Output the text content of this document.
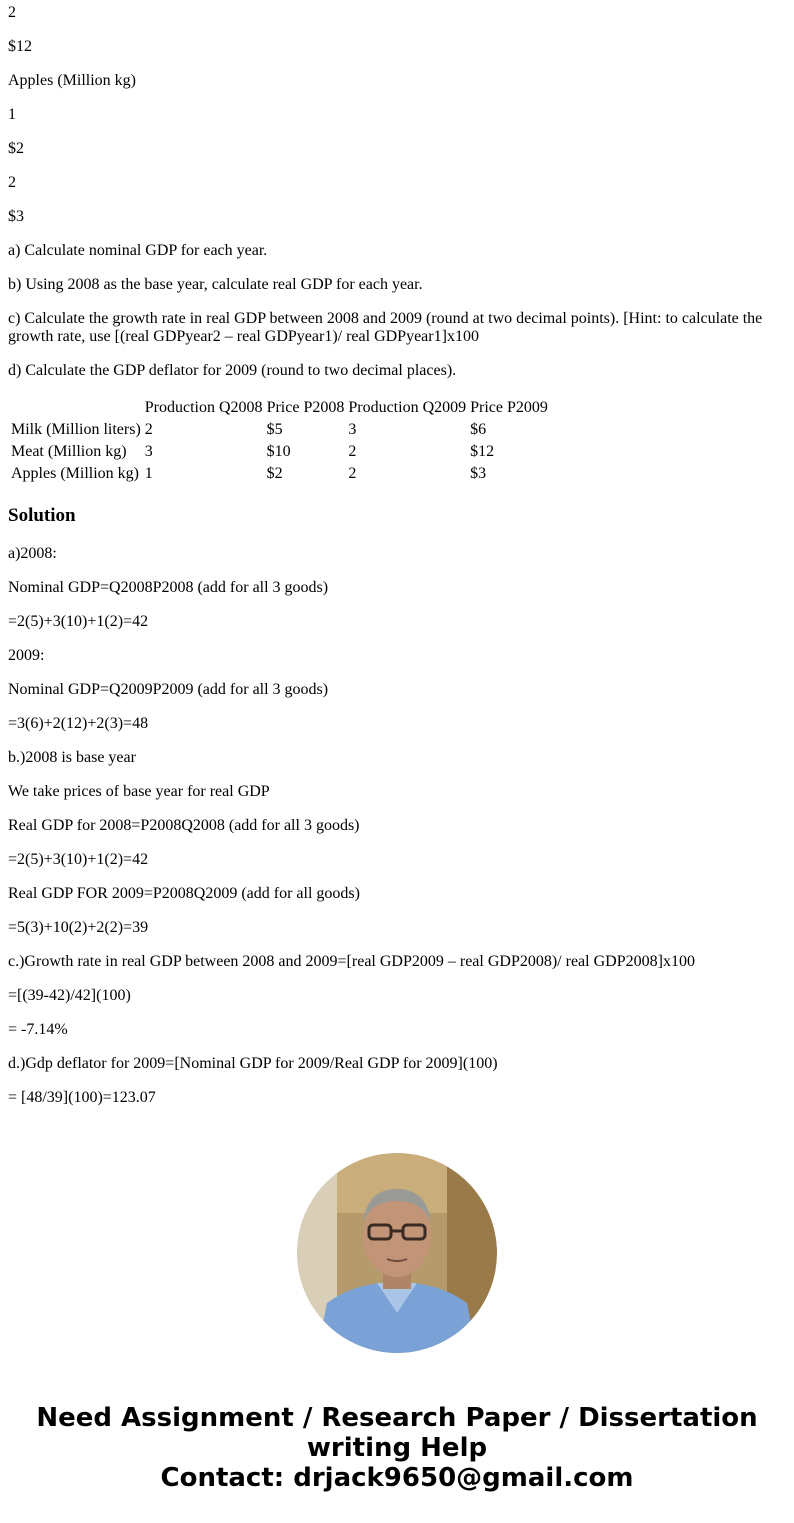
2
$12
Apples (Million kg)
1
$2
2
$3
a) Calculate nominal GDP for each year.
b) Using 2008 as the base year, calculate real GDP for each year.
c) Calculate the growth rate in real GDP between 2008 and 2009 (round at two decimal points). [Hint: to calculate the growth rate, use [(real GDPyear2 – real GDPyear1)/ real GDPyear1]x100
d) Calculate the GDP deflator for 2009 (round to two decimal places).
	Production Q2008	Price P2008	Production Q2009	Price P2009
Milk (Million liters)	2	$5	3	$6
Meat (Million kg)	3	$10	2	$12
Apples (Million kg)	1	$2	2	$3
Solution
a)2008:
Nominal GDP=Q2008P2008 (add for all 3 goods)
=2(5)+3(10)+1(2)=42
2009:
Nominal GDP=Q2009P2009 (add for all 3 goods)
=3(6)+2(12)+2(3)=48
b.)2008 is base year
We take prices of base year for real GDP
Real GDP for 2008=P2008Q2008 (add for all 3 goods)
=2(5)+3(10)+1(2)=42
Real GDP FOR 2009=P2008Q2009 (add for all goods)
=5(3)+10(2)+2(2)=39
c.)Growth rate in real GDP between 2008 and 2009=[real GDP2009 – real GDP2008)/ real GDP2008]x100
=[(39-42)/42](100)
= -7.14%
d.)Gdp deflator for 2009=[Nominal GDP for 2009/Real GDP for 2009](100)
= [48/39](100)=123.07
Need Assignment / Research Paper / Dissertation
writing Help
Contact: drjack9650@gmail.com
